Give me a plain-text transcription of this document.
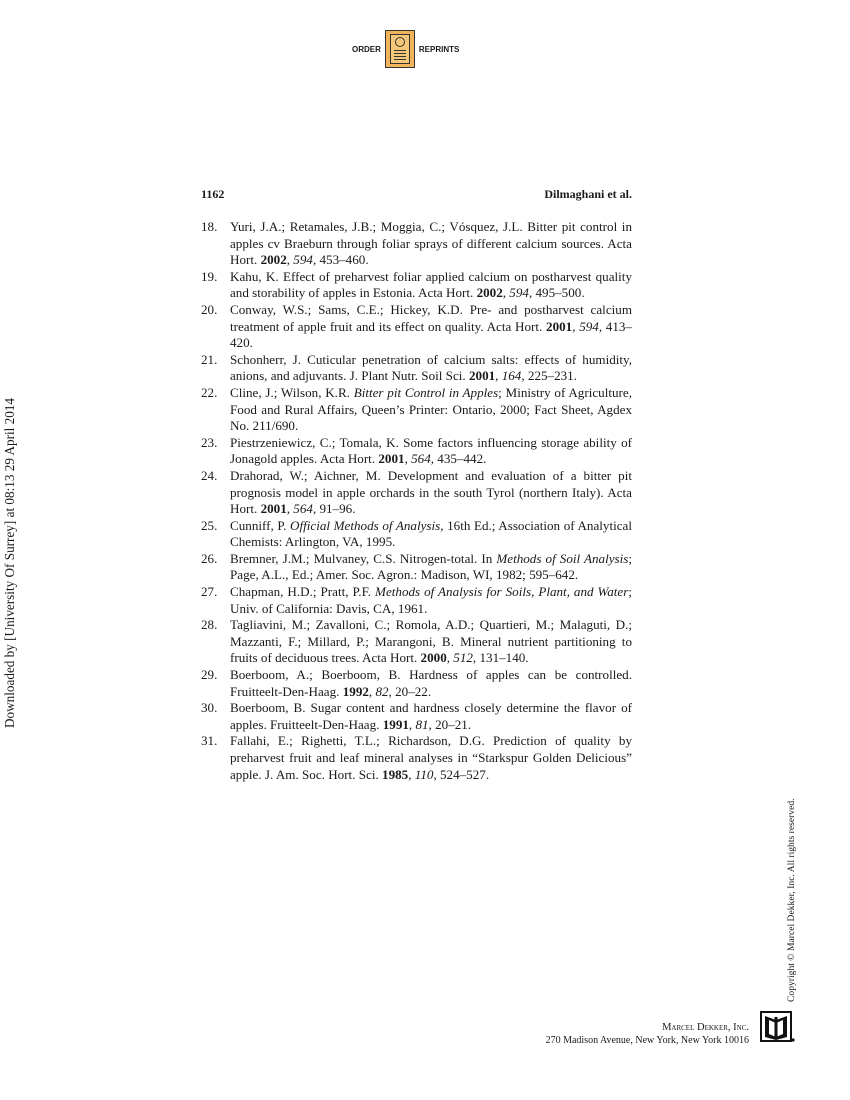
ORDER	REPRINTS
1162	Dilmaghani et al.
18. Yuri, J.A.; Retamales, J.B.; Moggia, C.; Vósquez, J.L. Bitter pit control in apples cv Braeburn through foliar sprays of different calcium sources. Acta Hort. 2002, 594, 453–460.
19. Kahu, K. Effect of preharvest foliar applied calcium on postharvest quality and storability of apples in Estonia. Acta Hort. 2002, 594, 495–500.
20. Conway, W.S.; Sams, C.E.; Hickey, K.D. Pre- and postharvest calcium treatment of apple fruit and its effect on quality. Acta Hort. 2001, 594, 413–420.
21. Schonherr, J. Cuticular penetration of calcium salts: effects of humidity, anions, and adjuvants. J. Plant Nutr. Soil Sci. 2001, 164, 225–231.
22. Cline, J.; Wilson, K.R. Bitter pit Control in Apples; Ministry of Agriculture, Food and Rural Affairs, Queen’s Printer: Ontario, 2000; Fact Sheet, Agdex No. 211/690.
23. Piestrzeniewicz, C.; Tomala, K. Some factors influencing storage ability of Jonagold apples. Acta Hort. 2001, 564, 435–442.
24. Drahorad, W.; Aichner, M. Development and evaluation of a bitter pit prognosis model in apple orchards in the south Tyrol (northern Italy). Acta Hort. 2001, 564, 91–96.
25. Cunniff, P. Official Methods of Analysis, 16th Ed.; Association of Analytical Chemists: Arlington, VA, 1995.
26. Bremner, J.M.; Mulvaney, C.S. Nitrogen-total. In Methods of Soil Analysis; Page, A.L., Ed.; Amer. Soc. Agron.: Madison, WI, 1982; 595–642.
27. Chapman, H.D.; Pratt, P.F. Methods of Analysis for Soils, Plant, and Water; Univ. of California: Davis, CA, 1961.
28. Tagliavini, M.; Zavalloni, C.; Romola, A.D.; Quartieri, M.; Malaguti, D.; Mazzanti, F.; Millard, P.; Marangoni, B. Mineral nutrient partitioning to fruits of deciduous trees. Acta Hort. 2000, 512, 131–140.
29. Boerboom, A.; Boerboom, B. Hardness of apples can be controlled. Fruitteelt-Den-Haag. 1992, 82, 20–22.
30. Boerboom, B. Sugar content and hardness closely determine the flavor of apples. Fruitteelt-Den-Haag. 1991, 81, 20–21.
31. Fallahi, E.; Righetti, T.L.; Richardson, D.G. Prediction of quality by preharvest fruit and leaf mineral analyses in “Starkspur Golden Delicious” apple. J. Am. Soc. Hort. Sci. 1985, 110, 524–527.
Downloaded by [University Of Surrey] at 08:13 29 April 2014
Copyright © Marcel Dekker, Inc. All rights reserved.
Marcel Dekker, Inc.
270 Madison Avenue, New York, New York 10016
